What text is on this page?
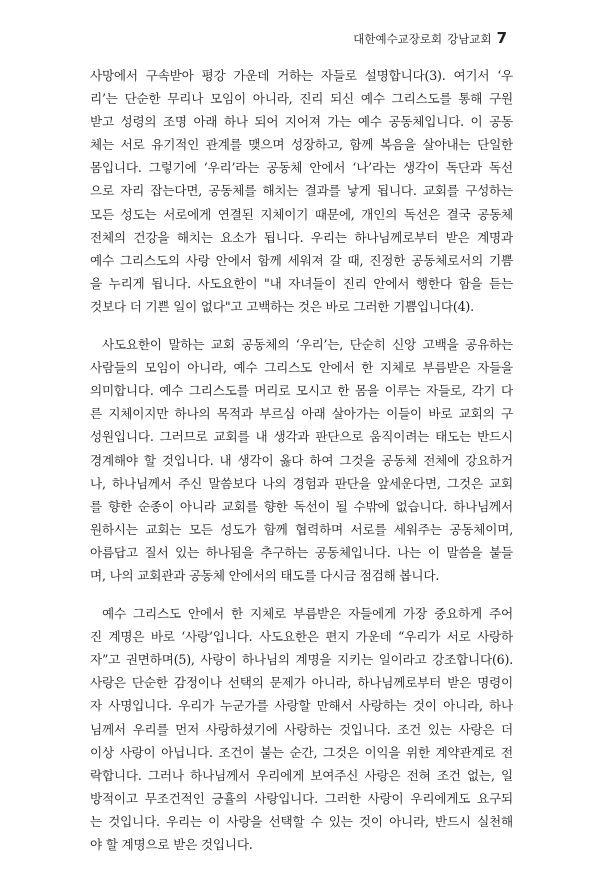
대한예수교장로회 강남교회 7
사망에서 구속받아 평강 가운데 거하는 자들로 설명합니다(3). 여기서 ‘우
리’는 단순한 무리나 모임이 아니라, 진리 되신 예수 그리스도를 통해 구원
받고 성령의 조명 아래 하나 되어 지어져 가는 예수 공동체입니다. 이 공동
체는 서로 유기적인 관계를 맺으며 성장하고, 함께 복음을 살아내는 단일한
몸입니다. 그렇기에 ‘우리’라는 공동체 안에서 ‘나’라는 생각이 독단과 독선
으로 자리 잡는다면, 공동체를 해치는 결과를 낳게 됩니다. 교회를 구성하는
모든 성도는 서로에게 연결된 지체이기 때문에, 개인의 독선은 결국 공동체
전체의 건강을 해치는 요소가 됩니다. 우리는 하나님께로부터 받은 계명과
예수 그리스도의 사랑 안에서 함께 세워져 갈 때, 진정한 공동체로서의 기쁨
을 누리게 됩니다. 사도요한이 "내 자녀들이 진리 안에서 행한다 함을 듣는
것보다 더 기쁜 일이 없다"고 고백하는 것은 바로 그러한 기쁨입니다(4).
사도요한이 말하는 교회 공동체의 ‘우리’는, 단순히 신앙 고백을 공유하는
사람들의 모임이 아니라, 예수 그리스도 안에서 한 지체로 부름받은 자들을
의미합니다. 예수 그리스도를 머리로 모시고 한 몸을 이루는 자들로, 각기 다
른 지체이지만 하나의 목적과 부르심 아래 살아가는 이들이 바로 교회의 구
성원입니다. 그러므로 교회를 내 생각과 판단으로 움직이려는 태도는 반드시
경계해야 할 것입니다. 내 생각이 옳다 하여 그것을 공동체 전체에 강요하거
나, 하나님께서 주신 말씀보다 나의 경험과 판단을 앞세운다면, 그것은 교회
를 향한 순종이 아니라 교회를 향한 독선이 될 수밖에 없습니다. 하나님께서
원하시는 교회는 모든 성도가 함께 협력하며 서로를 세워주는 공동체이며,
아름답고 질서 있는 하나됨을 추구하는 공동체입니다. 나는 이 말씀을 붙들
며, 나의 교회관과 공동체 안에서의 태도를 다시금 점검해 봅니다.
예수 그리스도 안에서 한 지체로 부름받은 자들에게 가장 중요하게 주어
진 계명은 바로 ‘사랑’입니다. 사도요한은 편지 가운데 “우리가 서로 사랑하
자”고 권면하며(5), 사랑이 하나님의 계명을 지키는 일이라고 강조합니다(6).
사랑은 단순한 감정이나 선택의 문제가 아니라, 하나님께로부터 받은 명령이
자 사명입니다. 우리가 누군가를 사랑할 만해서 사랑하는 것이 아니라, 하나
님께서 우리를 먼저 사랑하셨기에 사랑하는 것입니다. 조건 있는 사랑은 더
이상 사랑이 아닙니다. 조건이 붙는 순간, 그것은 이익을 위한 계약관계로 전
락합니다. 그러나 하나님께서 우리에게 보여주신 사랑은 전혀 조건 없는, 일
방적이고 무조건적인 긍휼의 사랑입니다. 그러한 사랑이 우리에게도 요구되
는 것입니다. 우리는 이 사랑을 선택할 수 있는 것이 아니라, 반드시 실천해
야 할 계명으로 받은 것입니다.
